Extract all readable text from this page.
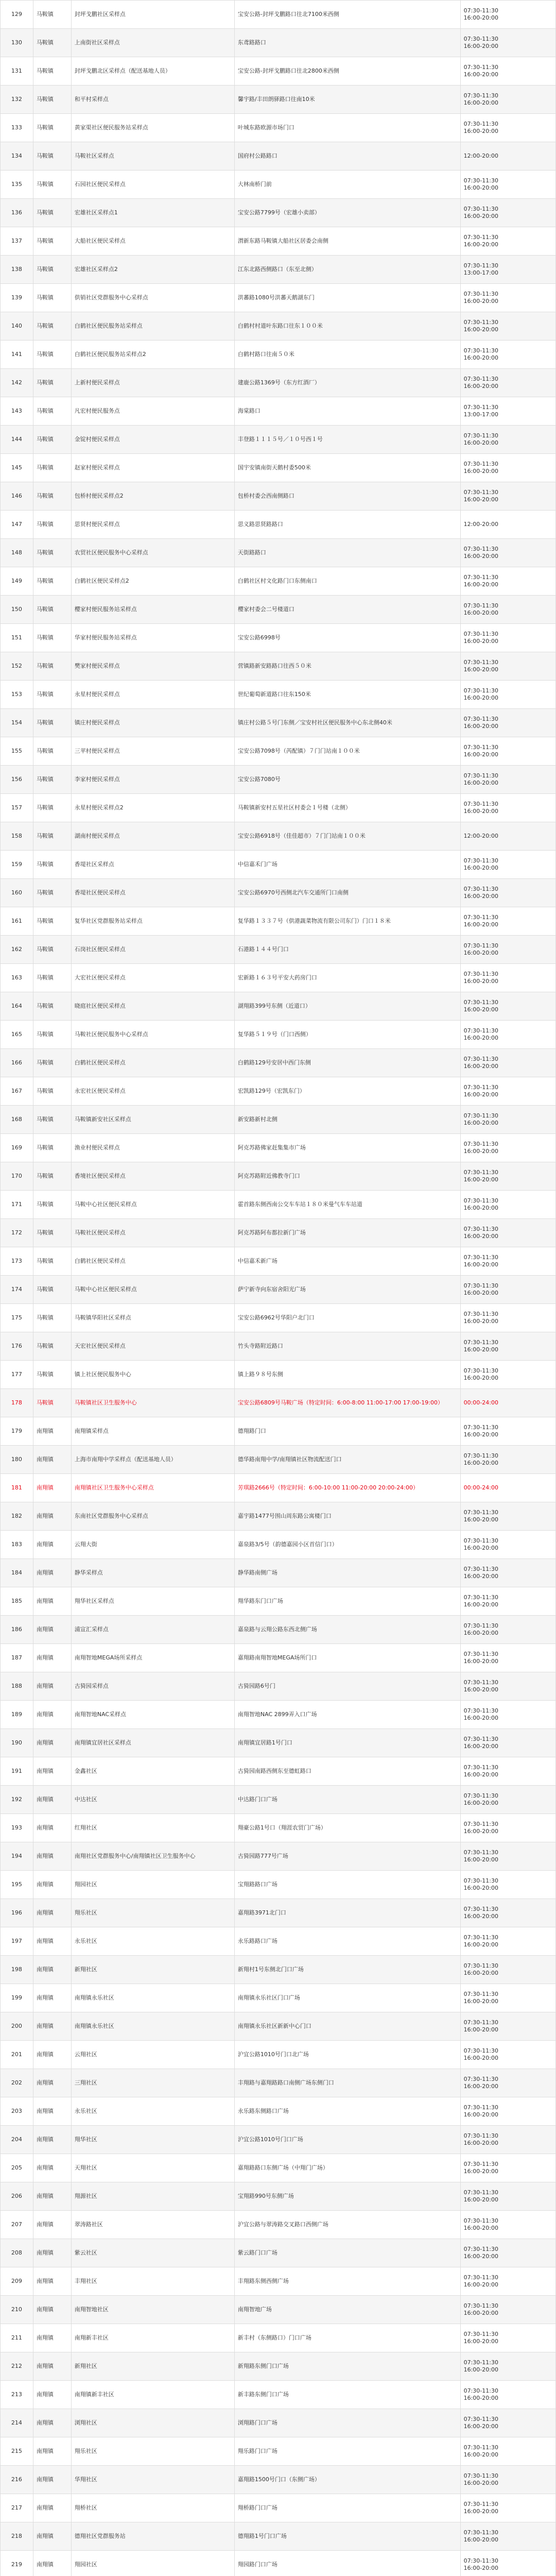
129	马鞍镇	封坪戈鹏社区采样点	宝安公路-封坪戈鹏路口往北7100米西侧	07:30-11:30
16:00-20:00

130	马鞍镇	上南街社区采样点	东鸢路路口	07:30-11:30
16:00-20:00

131	马鞍镇	封坪戈鹏北区采样点（配送基地人员）	宝安公路-封坪戈鹏路口往北2800米西侧	07:30-11:30
16:00-20:00

132	马鞍镇	和平村采样点	馨宇路/丰田朗驿路口往南10米	07:30-11:30
16:00-20:00

133	马鞍镇	黄家渠社区便民服务站采样点	叶城东路欧源市场门口	07:30-11:30
16:00-20:00

134	马鞍镇	马鞍社区采样点	国府村公路路口	12:00-20:00

135	马鞍镇	石园社区便民采样点	大林南桥门前	07:30-11:30
16:00-20:00

136	马鞍镇	宏雄社区采样点1	宝安公路7799号（宏雄小卖部）	07:30-11:30
16:00-20:00

137	马鞍镇	大船社区便民采样点	渭新东路马鞍镇大船社区居委会南侧	07:30-11:30
16:00-20:00

138	马鞍镇	宏雄社区采样点2	江东北路西侧路口（东至北侧）	07:30-11:30
13:00-17:00

139	马鞍镇	供销社区党群服务中心采样点	洪蕃路1080号洪蕃天鹅湖东门	07:30-11:30
16:00-20:00

140	马鞍镇	白鹤社区便民服务站采样点	白鹤村村道叶东路口往东１００米	07:30-11:30
16:00-20:00

141	马鞍镇	白鹤社区便民服务站采样点2	白鹤村路口往南５０米	07:30-11:30
16:00-20:00

142	马鞍镇	上新村便民采样点	建鹿公路1369号（东方红酒厂）	07:30-11:30
16:00-20:00

143	马鞍镇	凡宏村便民服务点	海棠路口	07:30-11:30
13:00-17:00

144	马鞍镇	金锭村便民采样点	丰登路１１１５号／１０号西１号	07:30-11:30
16:00-20:00

145	马鞍镇	赵家村便民采样点	国宇安镇南街天鹅村委500米	07:30-11:30
16:00-20:00

146	马鞍镇	包桥村便民采样点2	包桥村委会西南侧路口	07:30-11:30
16:00-20:00

147	马鞍镇	思贤村便民采样点	思义路思贤路路口	12:00-20:00

148	马鞍镇	农贸社区便民服务中心采样点	天街路路口	07:30-11:30
16:00-20:00

149	马鞍镇	白鹤社区便民采样点2	白鹤社区村文化路门口东侧南口	07:30-11:30
16:00-20:00

150	马鞍镇	樱家村便民服务站采样点	樱家村委会二号楼道口	07:30-11:30
16:00-20:00

151	马鞍镇	华家村便民服务站采样点	宝安公路6998号	07:30-11:30
16:00-20:00

152	马鞍镇	樊家村便民采样点	营镇路新安路路口往西５０米	07:30-11:30
16:00-20:00

153	马鞍镇	永星村便民采样点	世纪葡萄新道路口往东150米	07:30-11:30
16:00-20:00

154	马鞍镇	镇庄村便民采样点	镇庄村公路５号门东侧／宝安村社区便民服务中心东北侧40米	07:30-11:30
16:00-20:00

155	马鞍镇	三苹村便民采样点	宝安公路7098号（芮配镇）７门门站南１００米	07:30-11:30
16:00-20:00

156	马鞍镇	李家村便民采样点	宝安公路7080号	07:30-11:30
16:00-20:00

157	马鞍镇	永星村便民采样点2	马鞍镇新安村五星社区村委会１号楼（北侧）	07:30-11:30
16:00-20:00

158	马鞍镇	湖南村便民采样点	宝安公路6918号（佳佳超市）７门门站南１００米	12:00-20:00

159	马鞍镇	香堤社区采样点	中信嘉禾门广场	07:30-11:30
16:00-20:00

160	马鞍镇	香堤社区便民采样点	宝安公路6970号西侧北汽车交通所门口南侧	07:30-11:30
16:00-20:00

161	马鞍镇	复华社区党群服务站采样点	复华路１３３７号（供港蔬菜物流有限公司东门）门口１８米	07:30-11:30
16:00-20:00

162	马鞍镇	石岗社区便民采样点	石港路１４４号门口	07:30-11:30
16:00-20:00

163	马鞍镇	大宏社区便民采样点	宏新路１６３号平安大药房门口	07:30-11:30
16:00-20:00

164	马鞍镇	晓庭社区便民采样点	湖翔路399号东侧（近道口）	07:30-11:30
16:00-20:00

165	马鞍镇	马鞍社区便民服务中心采样点	复华路５１９号（门口西侧）	07:30-11:30
16:00-20:00

166	马鞍镇	白鹤社区便民采样点	白鹤路129号安居中西门东侧	07:30-11:30
16:00-20:00

167	马鞍镇	永宏社区便民采样点	宏凯路129号（宏凯东门）	07:30-11:30
16:00-20:00

168	马鞍镇	马鞍镇新安社区采样点	新安路新村北侧	07:30-11:30
16:00-20:00

169	马鞍镇	渔业村便民采样点	阿克苏路佛家赶集集市广场	07:30-11:30
16:00-20:00

170	马鞍镇	香境社区便民采样点	阿克苏路附近佛教寺门口	07:30-11:30
16:00-20:00

171	马鞍镇	马鞍中心社区便民采样点	霍首路东侧西南公交车车站１８０米曼气车车站道	07:30-11:30
16:00-20:00

172	马鞍镇	马鞍社区便民采样点	阿克苏路阿布都拉新门广场	07:30-11:30
16:00-20:00

173	马鞍镇	白鹤社区便民采样点	中信嘉禾新广场	07:30-11:30
16:00-20:00

174	马鞍镇	马鞍中心社区便民采样点	萨宁新寺向东宿舍阳光广场	07:30-11:30
16:00-20:00

175	马鞍镇	马鞍镇华阳社区采样点	宝安公路6962号华阳户北门口	07:30-11:30
16:00-20:00

176	马鞍镇	天宏社区便民采样点	竹头寺路附近路口	07:30-11:30
16:00-20:00

177	马鞍镇	镇上社区便民服务中心	镇上路９８号东侧	07:30-11:30
16:00-20:00

178	马鞍镇	马鞍镇社区卫生服务中心	宝安公路6809号马鞍广场（特定时间：6:00-8:00 11:00-17:00 17:00-19:00）	00:00-24:00

179	南翔镇	南翔镇采样点	德翔路门口	07:30-11:30
16:00-20:00

180	南翔镇	上海市南翔中学采样点（配送基地人员）	德华路南翔中学/南翔镇社区物流配送门口	07:30-11:30
16:00-20:00

181	南翔镇	南翔镇社区卫生服务中心采样点	芳琪路2666号（特定时间：6:00-10:00 11:00-20:00 20:00-24:00）	00:00-24:00

182	南翔镇	东南社区党群服务中心采样点	嘉宇路1477号围山周东路公寓楼门口	07:30-11:30
16:00-20:00

183	南翔镇	云翔大街	嘉泉路3/5号（韵德嘉园小区首信门口）	07:30-11:30
16:00-20:00

184	南翔镇	静华采样点	静华路南侧广场	07:30-11:30
16:00-20:00

185	南翔镇	翔华社区采样点	翔华路东门口广场	07:30-11:30
16:00-20:00

186	南翔镇	浦宣汇采样点	嘉泉路与云翔公路东西北侧广场	07:30-11:30
16:00-20:00

187	南翔镇	南翔智地MEGA场所采样点	嘉翔路南翔智地MEGA场所门口	07:30-11:30
16:00-20:00

188	南翔镇	古猗园采样点	古猗园路6号门	07:30-11:30
16:00-20:00

189	南翔镇	南翔智地NAC采样点	南翔智地NAC 2899弄入口广场	07:30-11:30
16:00-20:00

190	南翔镇	南翔镇宜居社区采样点	南翔镇宜居路1号门口	07:30-11:30
16:00-20:00

191	南翔镇	金鑫社区	古猗园南路西侧东至德虹路口	07:30-11:30
16:00-20:00

192	南翔镇	中达社区	中达路门口广场	07:30-11:30
16:00-20:00

193	南翔镇	红翔社区	翔豪公路1号口（翔涯农贸门广场）	07:30-11:30
16:00-20:00

194	南翔镇	南翔社区党群服务中心/南翔镇社区卫生服务中心	古猗园路777号广场	07:30-11:30
16:00-20:00

195	南翔镇	翔园社区	宝翔路路口广场	07:30-11:30
16:00-20:00

196	南翔镇	翔乐社区	嘉翔路3971北门口	07:30-11:30
16:00-20:00

197	南翔镇	永乐社区	永乐路路口广场	07:30-11:30
16:00-20:00

198	南翔镇	新翔社区	新翔村1号东侧北门口广场	07:30-11:30
16:00-20:00

199	南翔镇	南翔镇永乐社区	南翔镇永乐社区门口广场	07:30-11:30
16:00-20:00

200	南翔镇	南翔镇永乐社区	南翔镇永乐社区新新中心门口	07:30-11:30
16:00-20:00

201	南翔镇	云翔社区	沪宜公路1010号门口北广场	07:30-11:30
16:00-20:00

202	南翔镇	三翔社区	丰翔路与嘉翔路路口南侧广场东侧门口	07:30-11:30
16:00-20:00

203	南翔镇	永乐社区	永乐路东侧路口广场	07:30-11:30
16:00-20:00

204	南翔镇	翔华社区	沪宜公路1010号门口广场	07:30-11:30
16:00-20:00

205	南翔镇	天翔社区	嘉翔路路口东侧广场（中翔门广场）	07:30-11:30
16:00-20:00

206	南翔镇	翔源社区	宝翔路990号东侧广场	07:30-11:30
16:00-20:00

207	南翔镇	翠涛路社区	沪宜公路与翠涛路交叉路口西侧广场	07:30-11:30
16:00-20:00

208	南翔镇	紫云社区	紫云路门口广场	07:30-11:30
16:00-20:00

209	南翔镇	丰翔社区	丰翔路东侧西侧广场	07:30-11:30
16:00-20:00

210	南翔镇	南翔智地社区	南翔智地广场	07:30-11:30
16:00-20:00

211	南翔镇	南翔新丰社区	新丰村（东侧路口）门口广场	07:30-11:30
16:00-20:00

212	南翔镇	新翔社区	新翔路东侧门口广场	07:30-11:30
16:00-20:00

213	南翔镇	南翔镇新丰社区	新丰路东侧门口广场	07:30-11:30
16:00-20:00

214	南翔镇	浏翔社区	浏翔路门口广场	07:30-11:30
16:00-20:00

215	南翔镇	翔乐社区	翔乐路门口广场	07:30-11:30
16:00-20:00

216	南翔镇	华翔社区	嘉翔路1500号门口（东侧广场）	07:30-11:30
16:00-20:00

217	南翔镇	翔桥社区	翔桥路门口广场	07:30-11:30
16:00-20:00

218	南翔镇	德翔社区党群服务站	德翔路1号门口广场	07:30-11:30
16:00-20:00

219	南翔镇	翔园社区	翔园路门口广场	07:30-11:30
16:00-20:00
